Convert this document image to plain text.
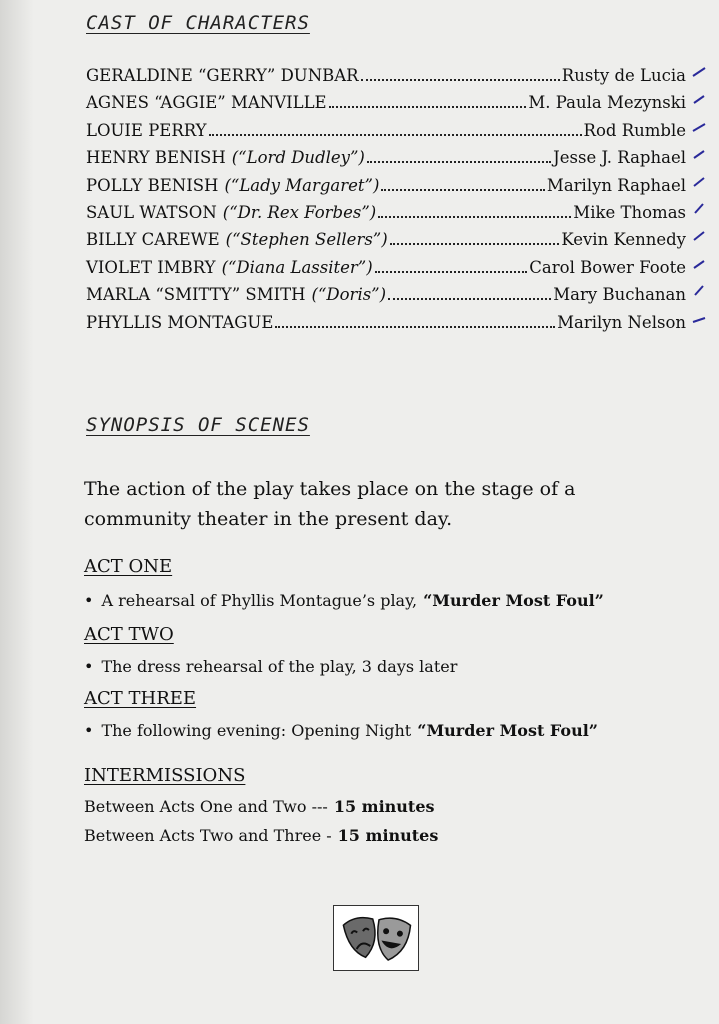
CAST OF CHARACTERS
GERALDINE “GERRY” DUNBAR	Rusty de Lucia
AGNES “AGGIE” MANVILLE	M. Paula Mezynski
LOUIE PERRY	Rod Rumble
HENRY BENISH (“Lord Dudley”)	Jesse J. Raphael
POLLY BENISH (“Lady Margaret”)	Marilyn Raphael
SAUL WATSON (“Dr. Rex Forbes”)	Mike Thomas
BILLY CAREWE (“Stephen Sellers”)	Kevin Kennedy
VIOLET IMBRY (“Diana Lassiter”)	Carol Bower Foote
MARLA “SMITTY” SMITH (“Doris”)	Mary Buchanan
PHYLLIS MONTAGUE	Marilyn Nelson
SYNOPSIS OF SCENES

The action of the play takes place on the stage of a community theater in the present day.

ACT ONE

• A rehearsal of Phyllis Montague’s play, “Murder Most Foul”

ACT TWO

• The dress rehearsal of the play, 3 days later

ACT THREE

• The following evening: Opening Night “Murder Most Foul”

INTERMISSIONS

Between Acts One and Two --- 15 minutes

Between Acts Two and Three - 15 minutes
